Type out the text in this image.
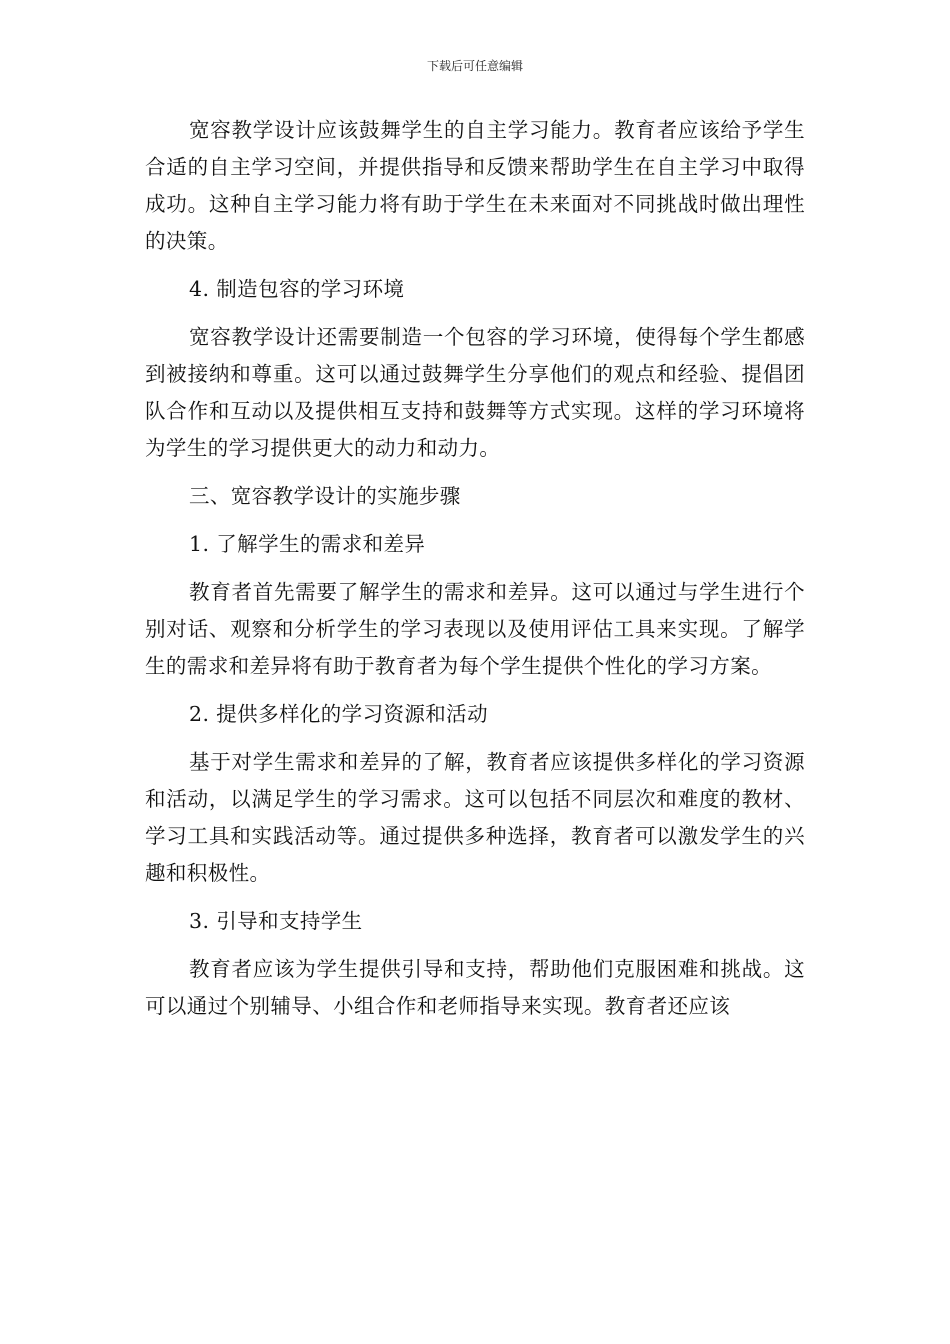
下载后可任意编辑

宽容教学设计应该鼓舞学生的自主学习能力。教育者应该给予学生合适的自主学习空间，并提供指导和反馈来帮助学生在自主学习中取得成功。这种自主学习能力将有助于学生在未来面对不同挑战时做出理性的决策。

4. 制造包容的学习环境

宽容教学设计还需要制造一个包容的学习环境，使得每个学生都感到被接纳和尊重。这可以通过鼓舞学生分享他们的观点和经验、提倡团队合作和互动以及提供相互支持和鼓舞等方式实现。这样的学习环境将为学生的学习提供更大的动力和动力。

三、宽容教学设计的实施步骤

1. 了解学生的需求和差异

教育者首先需要了解学生的需求和差异。这可以通过与学生进行个别对话、观察和分析学生的学习表现以及使用评估工具来实现。了解学生的需求和差异将有助于教育者为每个学生提供个性化的学习方案。

2. 提供多样化的学习资源和活动

基于对学生需求和差异的了解，教育者应该提供多样化的学习资源和活动，以满足学生的学习需求。这可以包括不同层次和难度的教材、学习工具和实践活动等。通过提供多种选择，教育者可以激发学生的兴趣和积极性。

3. 引导和支持学生

教育者应该为学生提供引导和支持，帮助他们克服困难和挑战。这可以通过个别辅导、小组合作和老师指导来实现。教育者还应该
